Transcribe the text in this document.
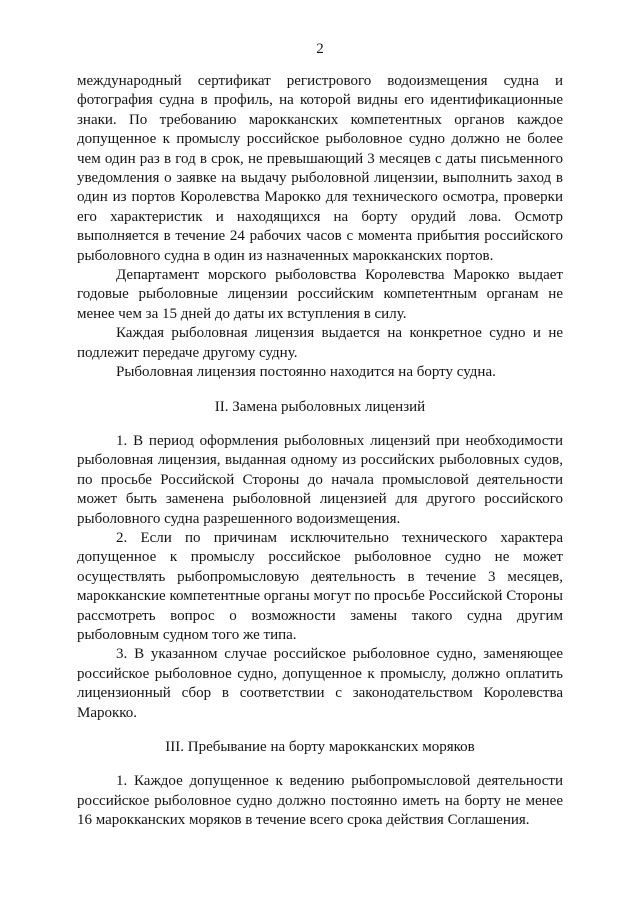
2

международный сертификат регистрового водоизмещения судна и фотография судна в профиль, на которой видны его идентификационные знаки. По требованию марокканских компетентных органов каждое допущенное к промыслу российское рыболовное судно должно не более чем один раз в год в срок, не превышающий 3 месяцев с даты письменного уведомления о заявке на выдачу рыболовной лицензии, выполнить заход в один из портов Королевства Марокко для технического осмотра, проверки его характеристик и находящихся на борту орудий лова. Осмотр выполняется в течение 24 рабочих часов с момента прибытия российского рыболовного судна в один из назначенных марокканских портов.

Департамент морского рыболовства Королевства Марокко выдает годовые рыболовные лицензии российским компетентным органам не менее чем за 15 дней до даты их вступления в силу.

Каждая рыболовная лицензия выдается на конкретное судно и не подлежит передаче другому судну.

Рыболовная лицензия постоянно находится на борту судна.

II. Замена рыболовных лицензий

1. В период оформления рыболовных лицензий при необходимости рыболовная лицензия, выданная одному из российских рыболовных судов, по просьбе Российской Стороны до начала промысловой деятельности может быть заменена рыболовной лицензией для другого российского рыболовного судна разрешенного водоизмещения.

2. Если по причинам исключительно технического характера допущенное к промыслу российское рыболовное судно не может осуществлять рыбопромысловую деятельность в течение 3 месяцев, марокканские компетентные органы могут по просьбе Российской Стороны рассмотреть вопрос о возможности замены такого судна другим рыболовным судном того же типа.

3. В указанном случае российское рыболовное судно, заменяющее российское рыболовное судно, допущенное к промыслу, должно оплатить лицензионный сбор в соответствии с законодательством Королевства Марокко.

III. Пребывание на борту марокканских моряков

1. Каждое допущенное к ведению рыбопромысловой деятельности российское рыболовное судно должно постоянно иметь на борту не менее 16 марокканских моряков в течение всего срока действия Соглашения.
